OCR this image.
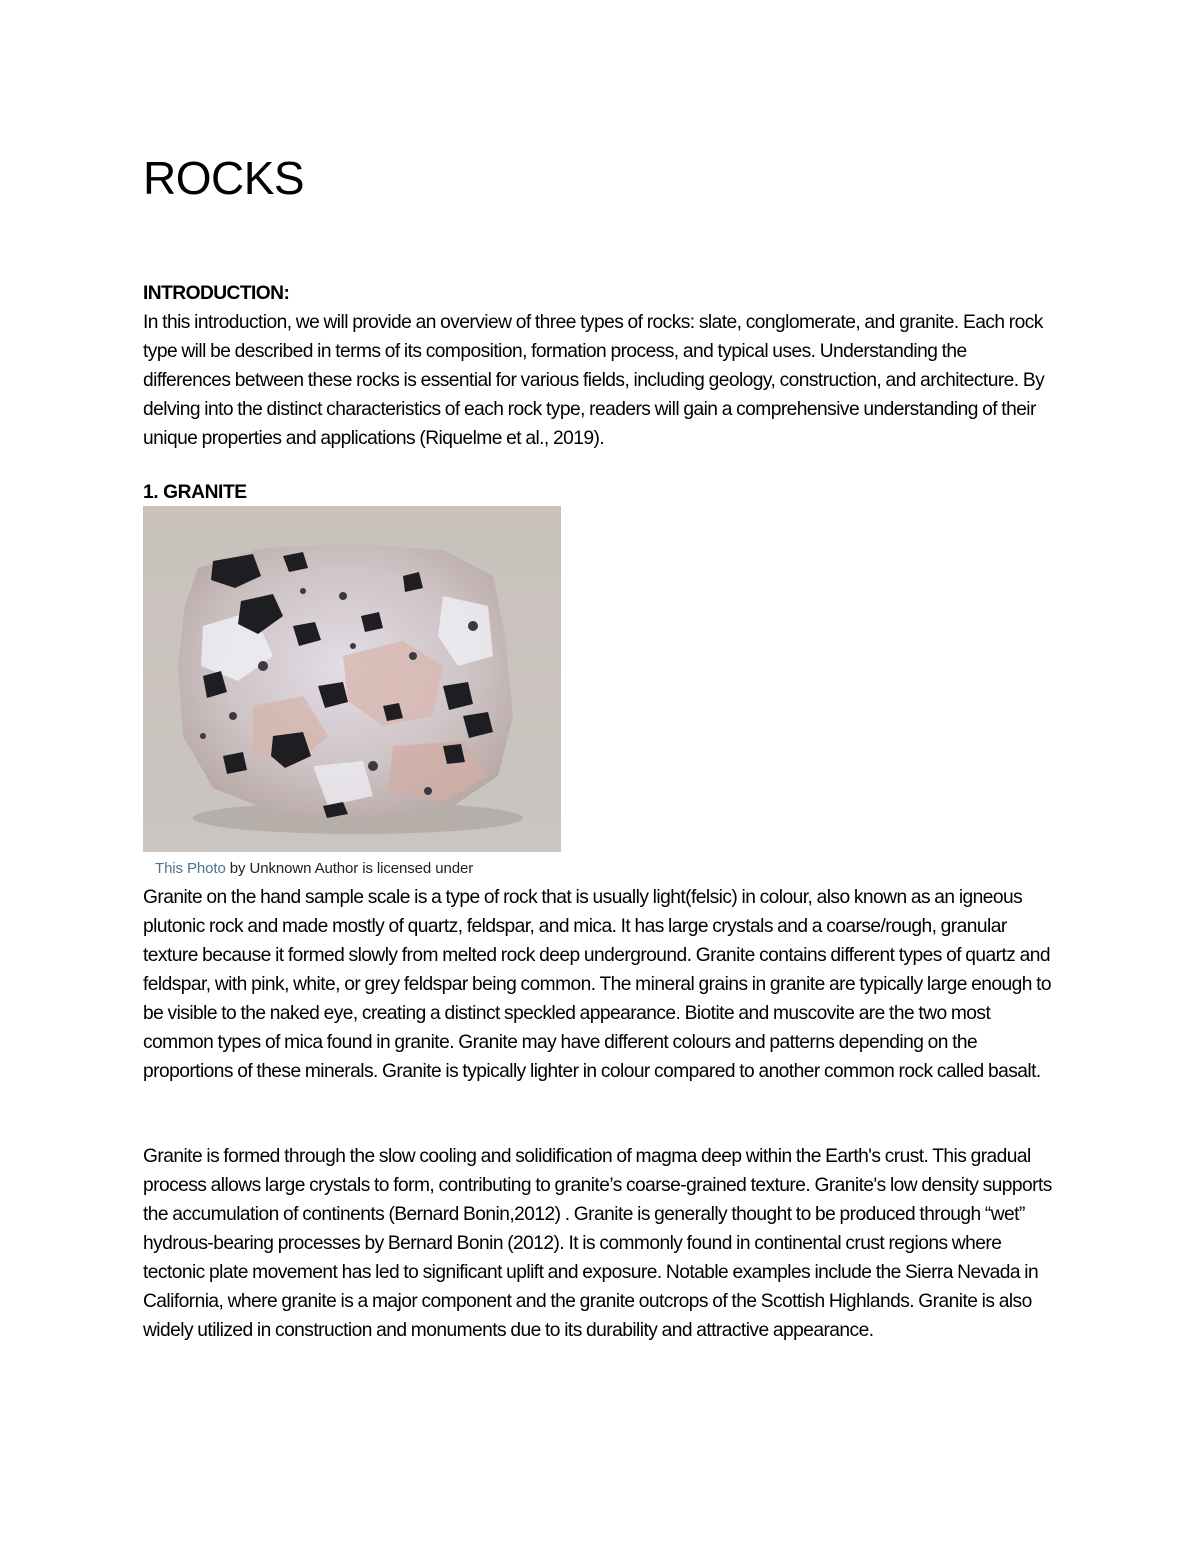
ROCKS
INTRODUCTION:

In this introduction, we will provide an overview of three types of rocks: slate, conglomerate, and granite. Each rock type will be described in terms of its composition, formation process, and typical uses. Understanding the differences between these rocks is essential for various fields, including geology, construction, and architecture. By delving into the distinct characteristics of each rock type, readers will gain a comprehensive understanding of their unique properties and applications (Riquelme et al., 2019).

1. GRANITE
This Photo by Unknown Author is licensed under

Granite on the hand sample scale is a type of rock that is usually light(felsic) in colour, also known as an igneous plutonic rock and made mostly of quartz, feldspar, and mica. It has large crystals and a coarse/rough, granular texture because it formed slowly from melted rock deep underground. Granite contains different types of quartz and feldspar, with pink, white, or grey feldspar being common. The mineral grains in granite are typically large enough to be visible to the naked eye, creating a distinct speckled appearance. Biotite and muscovite are the two most common types of mica found in granite. Granite may have different colours and patterns depending on the proportions of these minerals. Granite is typically lighter in colour compared to another common rock called basalt.

Granite is formed through the slow cooling and solidification of magma deep within the Earth's crust. This gradual process allows large crystals to form, contributing to granite’s coarse-grained texture. Granite's low density supports the accumulation of continents (Bernard Bonin,2012) . Granite is generally thought to be produced through “wet” hydrous-bearing processes by Bernard Bonin (2012). It is commonly found in continental crust regions where tectonic plate movement has led to significant uplift and exposure. Notable examples include the Sierra Nevada in California, where granite is a major component and the granite outcrops of the Scottish Highlands. Granite is also widely utilized in construction and monuments due to its durability and attractive appearance.
